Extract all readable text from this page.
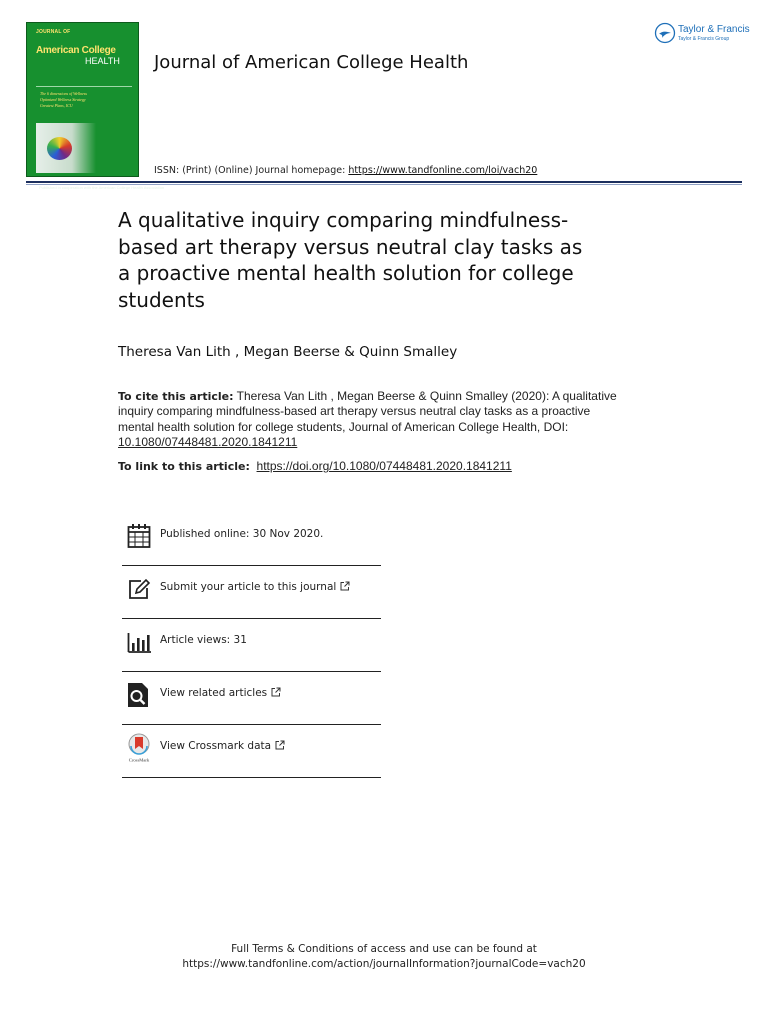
JOURNAL OF
American College
HEALTH
The 6 dimensions of Wellness
Optimized Wellness Strategy
Greatest Plans, ICU
Published in cooperation with the American College Health Association
Journal of American College Health
ISSN: (Print) (Online) Journal homepage: https://www.tandfonline.com/loi/vach20
Taylor & Francis
Taylor & Francis Group
A qualitative inquiry comparing mindfulness-
based art therapy versus neutral clay tasks as
a proactive mental health solution for college
students
Theresa Van Lith , Megan Beerse & Quinn Smalley
To cite this article: Theresa Van Lith , Megan Beerse & Quinn Smalley (2020): A qualitative
inquiry comparing mindfulness-based art therapy versus neutral clay tasks as a proactive
mental health solution for college students, Journal of American College Health, DOI:
10.1080/07448481.2020.1841211
To link to this article: https://doi.org/10.1080/07448481.2020.1841211
Published online: 30 Nov 2020.
Submit your article to this journal
Article views: 31
View related articles
CrossMark
View Crossmark data
Full Terms & Conditions of access and use can be found at
https://www.tandfonline.com/action/journalInformation?journalCode=vach20
